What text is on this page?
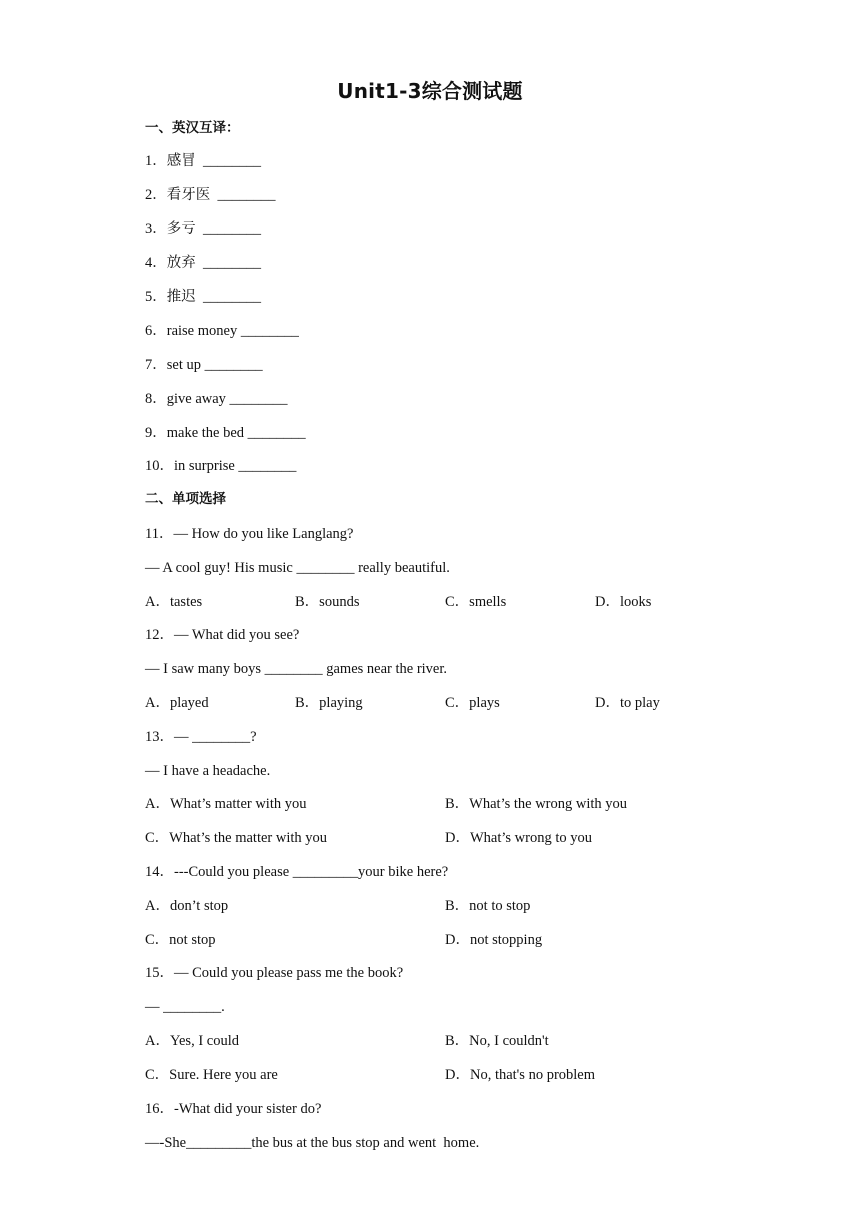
Unit1-3综合测试题
一、英汉互译：
1．感冒  ________
2．看牙医  ________
3．多亏  ________
4．放弃  ________
5．推迟  ________
6．raise money ________
7．set up ________
8．give away ________
9．make the bed ________
10．in surprise ________
二、单项选择
11．— How do you like Langlang?
— A cool guy! His music ________ really beautiful.
A．tastes	B．sounds	C．smells	D．looks
12．— What did you see?
— I saw many boys ________ games near the river.
A．played	B．playing	C．plays	D．to play
13．— ________?
— I have a headache.
A．What’s matter with you	B．What’s the wrong with you
C．What’s the matter with you	D．What’s wrong to you
14．---Could you please _________your bike here?
A．don’t stop	B．not to stop
C．not stop	D．not stopping
15．— Could you please pass me the book?
— ________.
A．Yes, I could	B．No, I couldn't
C．Sure. Here you are	D．No, that's no problem
16．-What did your sister do?
—-She_________the bus at the bus stop and went  home.
